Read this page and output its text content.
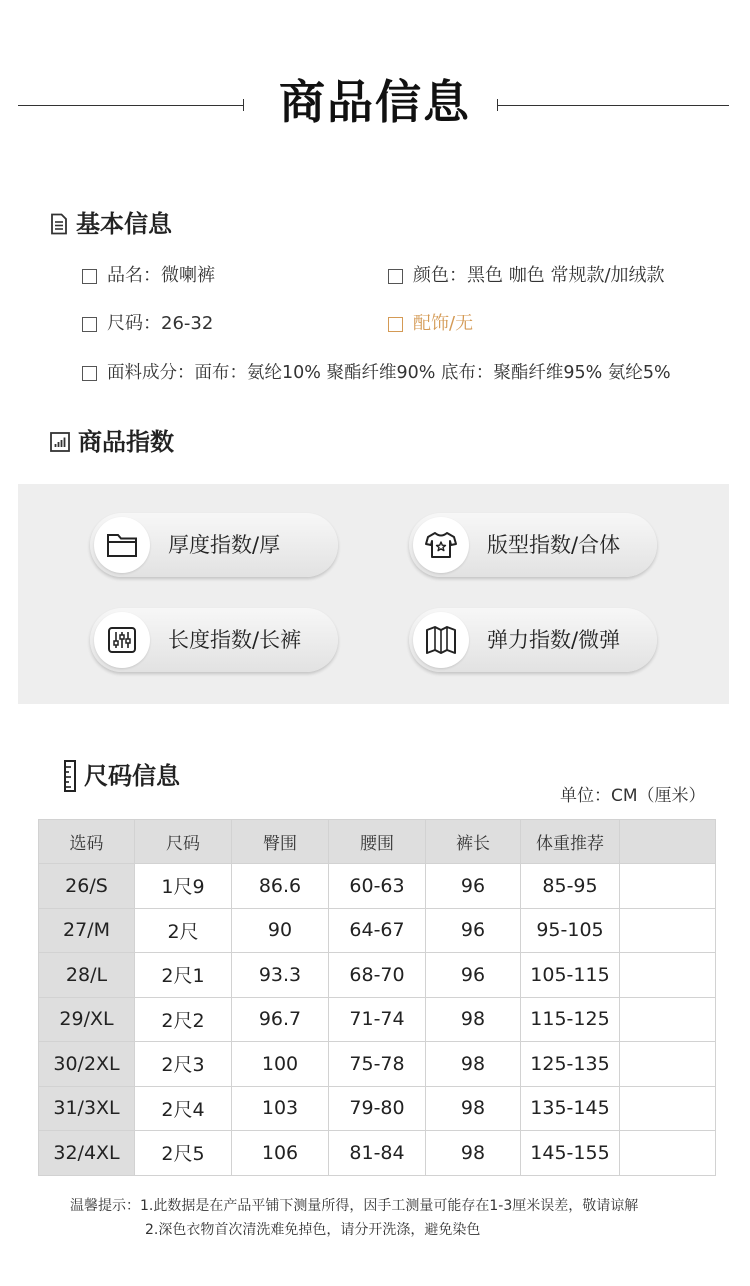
商品信息
基本信息
品名：微喇裤	颜色：黑色 咖色 常规款/加绒款
尺码：26-32	配饰/无
面料成分：面布：氨纶10% 聚酯纤维90% 底布：聚酯纤维95% 氨纶5%
商品指数
厚度指数/厚	版型指数/合体
长度指数/长裤	弹力指数/微弹
尺码信息
单位：CM（厘米）
选码	尺码	臀围	腰围	裤长	体重推荐	
26/S	1尺9	86.6	60-63	96	85-95	
27/M	2尺	90	64-67	96	95-105	
28/L	2尺1	93.3	68-70	96	105-115	
29/XL	2尺2	96.7	71-74	98	115-125	
30/2XL	2尺3	100	75-78	98	125-135	
31/3XL	2尺4	103	79-80	98	135-145	
32/4XL	2尺5	106	81-84	98	145-155	
温馨提示：1.此数据是在产品平铺下测量所得，因手工测量可能存在1-3厘米误差，敬请谅解
2.深色衣物首次清洗难免掉色，请分开洗涤，避免染色
